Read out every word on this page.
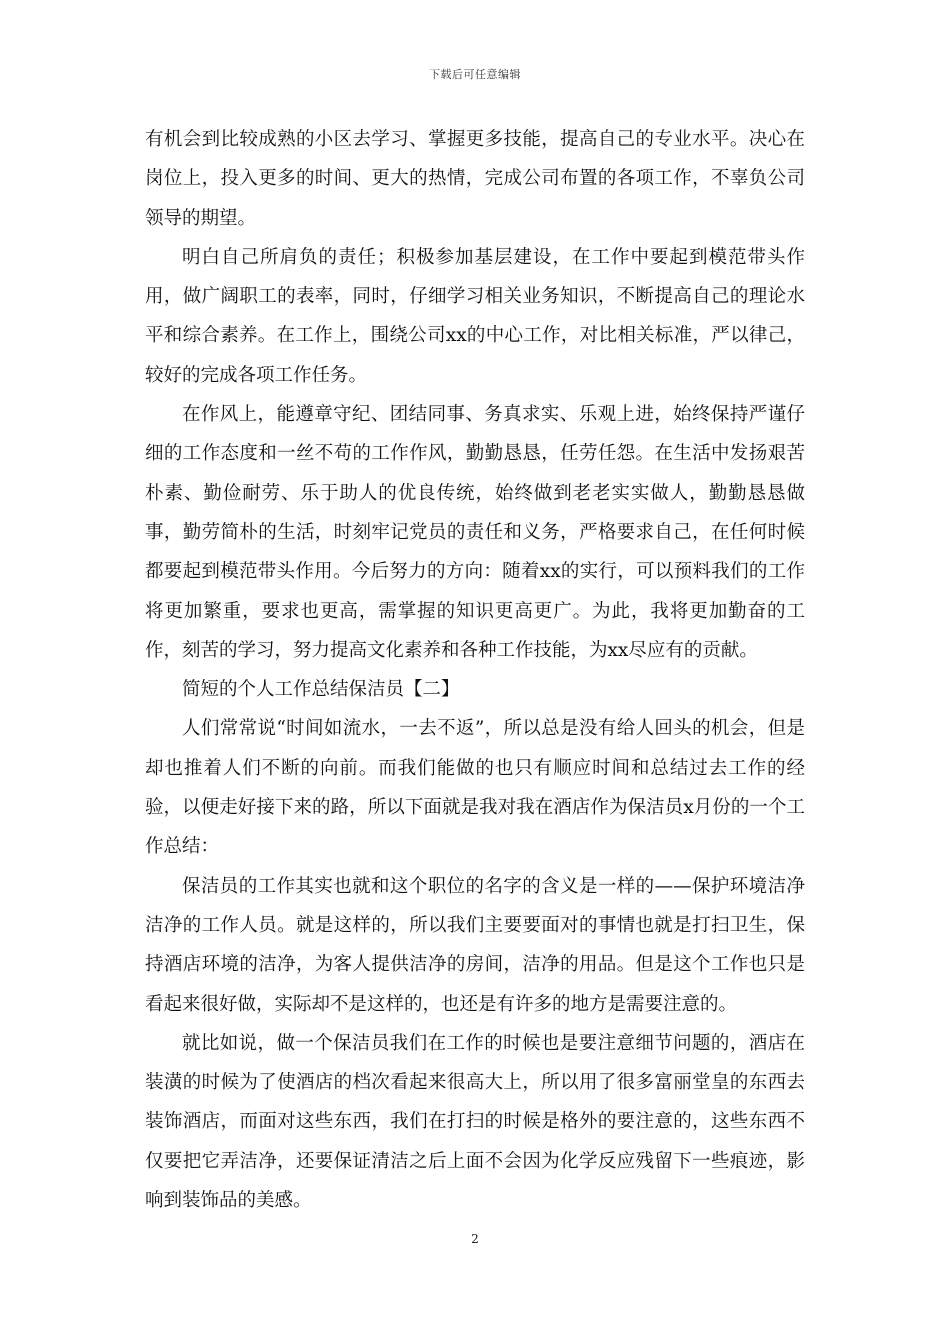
下载后可任意编辑

有机会到比较成熟的小区去学习、掌握更多技能，提高自己的专业水平。决心在岗位上，投入更多的时间、更大的热情，完成公司布置的各项工作，不辜负公司领导的期望。

明白自己所肩负的责任；积极参加基层建设，在工作中要起到模范带头作用，做广阔职工的表率，同时，仔细学习相关业务知识，不断提高自己的理论水平和综合素养。在工作上，围绕公司xx的中心工作，对比相关标准，严以律己，较好的完成各项工作任务。

在作风上，能遵章守纪、团结同事、务真求实、乐观上进，始终保持严谨仔细的工作态度和一丝不苟的工作作风，勤勤恳恳，任劳任怨。在生活中发扬艰苦朴素、勤俭耐劳、乐于助人的优良传统，始终做到老老实实做人，勤勤恳恳做事，勤劳简朴的生活，时刻牢记党员的责任和义务，严格要求自己，在任何时候都要起到模范带头作用。今后努力的方向：随着xx的实行，可以预料我们的工作将更加繁重，要求也更高，需掌握的知识更高更广。为此，我将更加勤奋的工作，刻苦的学习，努力提高文化素养和各种工作技能，为xx尽应有的贡献。

简短的个人工作总结保洁员【二】

人们常常说“时间如流水，一去不返”，所以总是没有给人回头的机会，但是却也推着人们不断的向前。而我们能做的也只有顺应时间和总结过去工作的经验，以便走好接下来的路，所以下面就是我对我在酒店作为保洁员x月份的一个工作总结：

保洁员的工作其实也就和这个职位的名字的含义是一样的——保护环境洁净洁净的工作人员。就是这样的，所以我们主要要面对的事情也就是打扫卫生，保持酒店环境的洁净，为客人提供洁净的房间，洁净的用品。但是这个工作也只是看起来很好做，实际却不是这样的，也还是有许多的地方是需要注意的。

就比如说，做一个保洁员我们在工作的时候也是要注意细节问题的，酒店在装潢的时候为了使酒店的档次看起来很高大上，所以用了很多富丽堂皇的东西去装饰酒店，而面对这些东西，我们在打扫的时候是格外的要注意的，这些东西不仅要把它弄洁净，还要保证清洁之后上面不会因为化学反应残留下一些痕迹，影响到装饰品的美感。

2
